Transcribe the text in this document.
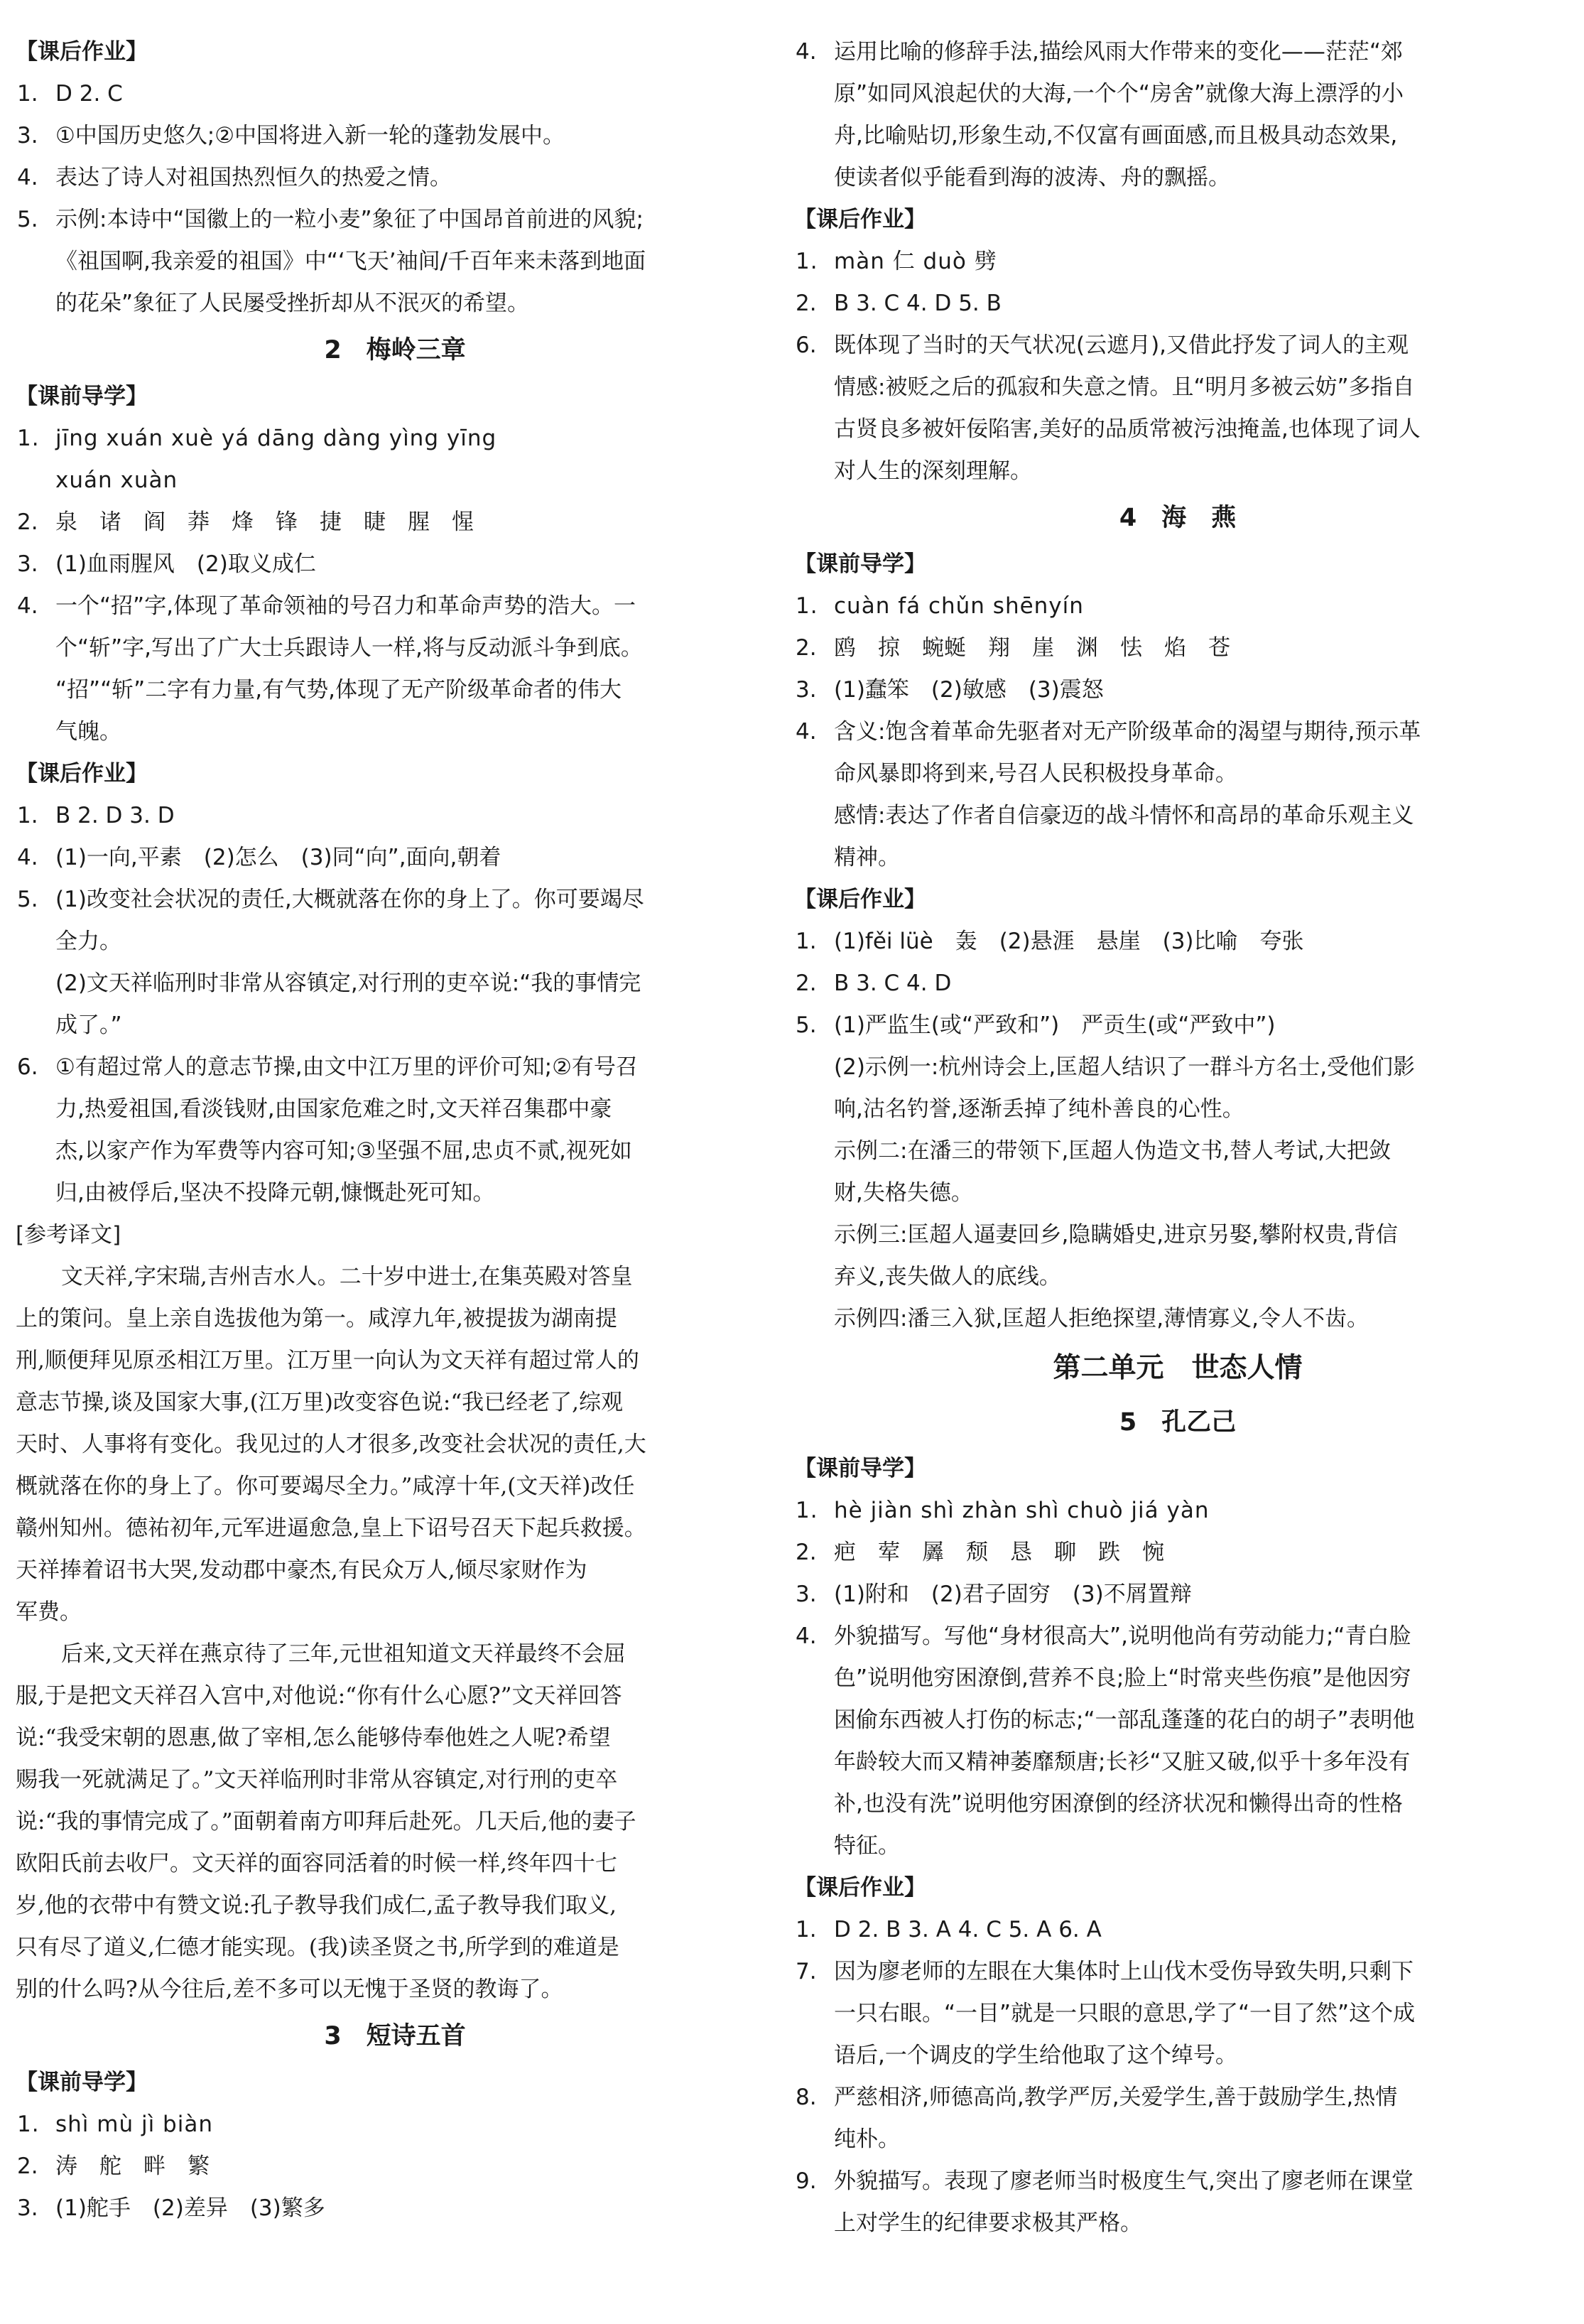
【课后作业】
1. D 2. C
3. ①中国历史悠久;②中国将进入新一轮的蓬勃发展中。
4. 表达了诗人对祖国热烈恒久的热爱之情。
5. 示例:本诗中“国徽上的一粒小麦”象征了中国昂首前进的风貌;
《祖国啊,我亲爱的祖国》中“‘飞天’袖间/千百年来未落到地面
的花朵”象征了人民屡受挫折却从不泯灭的希望。
2　梅岭三章
【课前导学】
1. jīng xuán xuè yá dāng dàng yìng yīng
xuán xuàn
2. 泉　诸　阎　莽　烽　锋　捷　睫　腥　惺
3. (1)血雨腥风　(2)取义成仁
4. 一个“招”字,体现了革命领袖的号召力和革命声势的浩大。一
个“斩”字,写出了广大士兵跟诗人一样,将与反动派斗争到底。
“招”“斩”二字有力量,有气势,体现了无产阶级革命者的伟大
气魄。
【课后作业】
1. B 2. D 3. D
4. (1)一向,平素　(2)怎么　(3)同“向”,面向,朝着
5. (1)改变社会状况的责任,大概就落在你的身上了。你可要竭尽
全力。
(2)文天祥临刑时非常从容镇定,对行刑的吏卒说:“我的事情完
成了。”
6. ①有超过常人的意志节操,由文中江万里的评价可知;②有号召
力,热爱祖国,看淡钱财,由国家危难之时,文天祥召集郡中豪
杰,以家产作为军费等内容可知;③坚强不屈,忠贞不贰,视死如
归,由被俘后,坚决不投降元朝,慷慨赴死可知。
[参考译文]
文天祥,字宋瑞,吉州吉水人。二十岁中进士,在集英殿对答皇
上的策问。皇上亲自选拔他为第一。咸淳九年,被提拔为湖南提
刑,顺便拜见原丞相江万里。江万里一向认为文天祥有超过常人的
意志节操,谈及国家大事,(江万里)改变容色说:“我已经老了,综观
天时、人事将有变化。我见过的人才很多,改变社会状况的责任,大
概就落在你的身上了。你可要竭尽全力。”咸淳十年,(文天祥)改任
赣州知州。德祐初年,元军进逼愈急,皇上下诏号召天下起兵救援。
天祥捧着诏书大哭,发动郡中豪杰,有民众万人,倾尽家财作为
军费。
后来,文天祥在燕京待了三年,元世祖知道文天祥最终不会屈
服,于是把文天祥召入宫中,对他说:“你有什么心愿?”文天祥回答
说:“我受宋朝的恩惠,做了宰相,怎么能够侍奉他姓之人呢?希望
赐我一死就满足了。”文天祥临刑时非常从容镇定,对行刑的吏卒
说:“我的事情完成了。”面朝着南方叩拜后赴死。几天后,他的妻子
欧阳氏前去收尸。文天祥的面容同活着的时候一样,终年四十七
岁,他的衣带中有赞文说:孔子教导我们成仁,孟子教导我们取义,
只有尽了道义,仁德才能实现。(我)读圣贤之书,所学到的难道是
别的什么吗?从今往后,差不多可以无愧于圣贤的教诲了。
3　短诗五首
【课前导学】
1. shì mù jì biàn
2. 涛　舵　畔　繁
3. (1)舵手　(2)差异　(3)繁多
4. 运用比喻的修辞手法,描绘风雨大作带来的变化——茫茫“郊
原”如同风浪起伏的大海,一个个“房舍”就像大海上漂浮的小
舟,比喻贴切,形象生动,不仅富有画面感,而且极具动态效果,
使读者似乎能看到海的波涛、舟的飘摇。
【课后作业】
1. màn 仁 duò 劈
2. B 3. C 4. D 5. B
6. 既体现了当时的天气状况(云遮月),又借此抒发了词人的主观
情感:被贬之后的孤寂和失意之情。且“明月多被云妨”多指自
古贤良多被奸佞陷害,美好的品质常被污浊掩盖,也体现了词人
对人生的深刻理解。
4　海　燕
【课前导学】
1. cuàn fá chǔn shēnyín
2. 鸥　掠　蜿蜒　翔　崖　渊　怯　焰　苍
3. (1)蠢笨　(2)敏感　(3)震怒
4. 含义:饱含着革命先驱者对无产阶级革命的渴望与期待,预示革
命风暴即将到来,号召人民积极投身革命。
感情:表达了作者自信豪迈的战斗情怀和高昂的革命乐观主义
精神。
【课后作业】
1. (1)fěi lüè　轰　(2)悬涯　悬崖　(3)比喻　夸张
2. B 3. C 4. D
5. (1)严监生(或“严致和”)　严贡生(或“严致中”)
(2)示例一:杭州诗会上,匡超人结识了一群斗方名士,受他们影
响,沽名钓誉,逐渐丢掉了纯朴善良的心性。
示例二:在潘三的带领下,匡超人伪造文书,替人考试,大把敛
财,失格失德。
示例三:匡超人逼妻回乡,隐瞒婚史,进京另娶,攀附权贵,背信
弃义,丧失做人的底线。
示例四:潘三入狱,匡超人拒绝探望,薄情寡义,令人不齿。
第二单元　世态人情
5　孔乙己
【课前导学】
1. hè jiàn shì zhàn shì chuò jiá yàn
2. 疤　荤　羼　颓　恳　聊　跌　惋
3. (1)附和　(2)君子固穷　(3)不屑置辩
4. 外貌描写。写他“身材很高大”,说明他尚有劳动能力;“青白脸
色”说明他穷困潦倒,营养不良;脸上“时常夹些伤痕”是他因穷
困偷东西被人打伤的标志;“一部乱蓬蓬的花白的胡子”表明他
年龄较大而又精神萎靡颓唐;长衫“又脏又破,似乎十多年没有
补,也没有洗”说明他穷困潦倒的经济状况和懒得出奇的性格
特征。
【课后作业】
1. D 2. B 3. A 4. C 5. A 6. A
7. 因为廖老师的左眼在大集体时上山伐木受伤导致失明,只剩下
一只右眼。“一目”就是一只眼的意思,学了“一目了然”这个成
语后,一个调皮的学生给他取了这个绰号。
8. 严慈相济,师德高尚,教学严厉,关爱学生,善于鼓励学生,热情
纯朴。
9. 外貌描写。表现了廖老师当时极度生气,突出了廖老师在课堂
上对学生的纪律要求极其严格。
